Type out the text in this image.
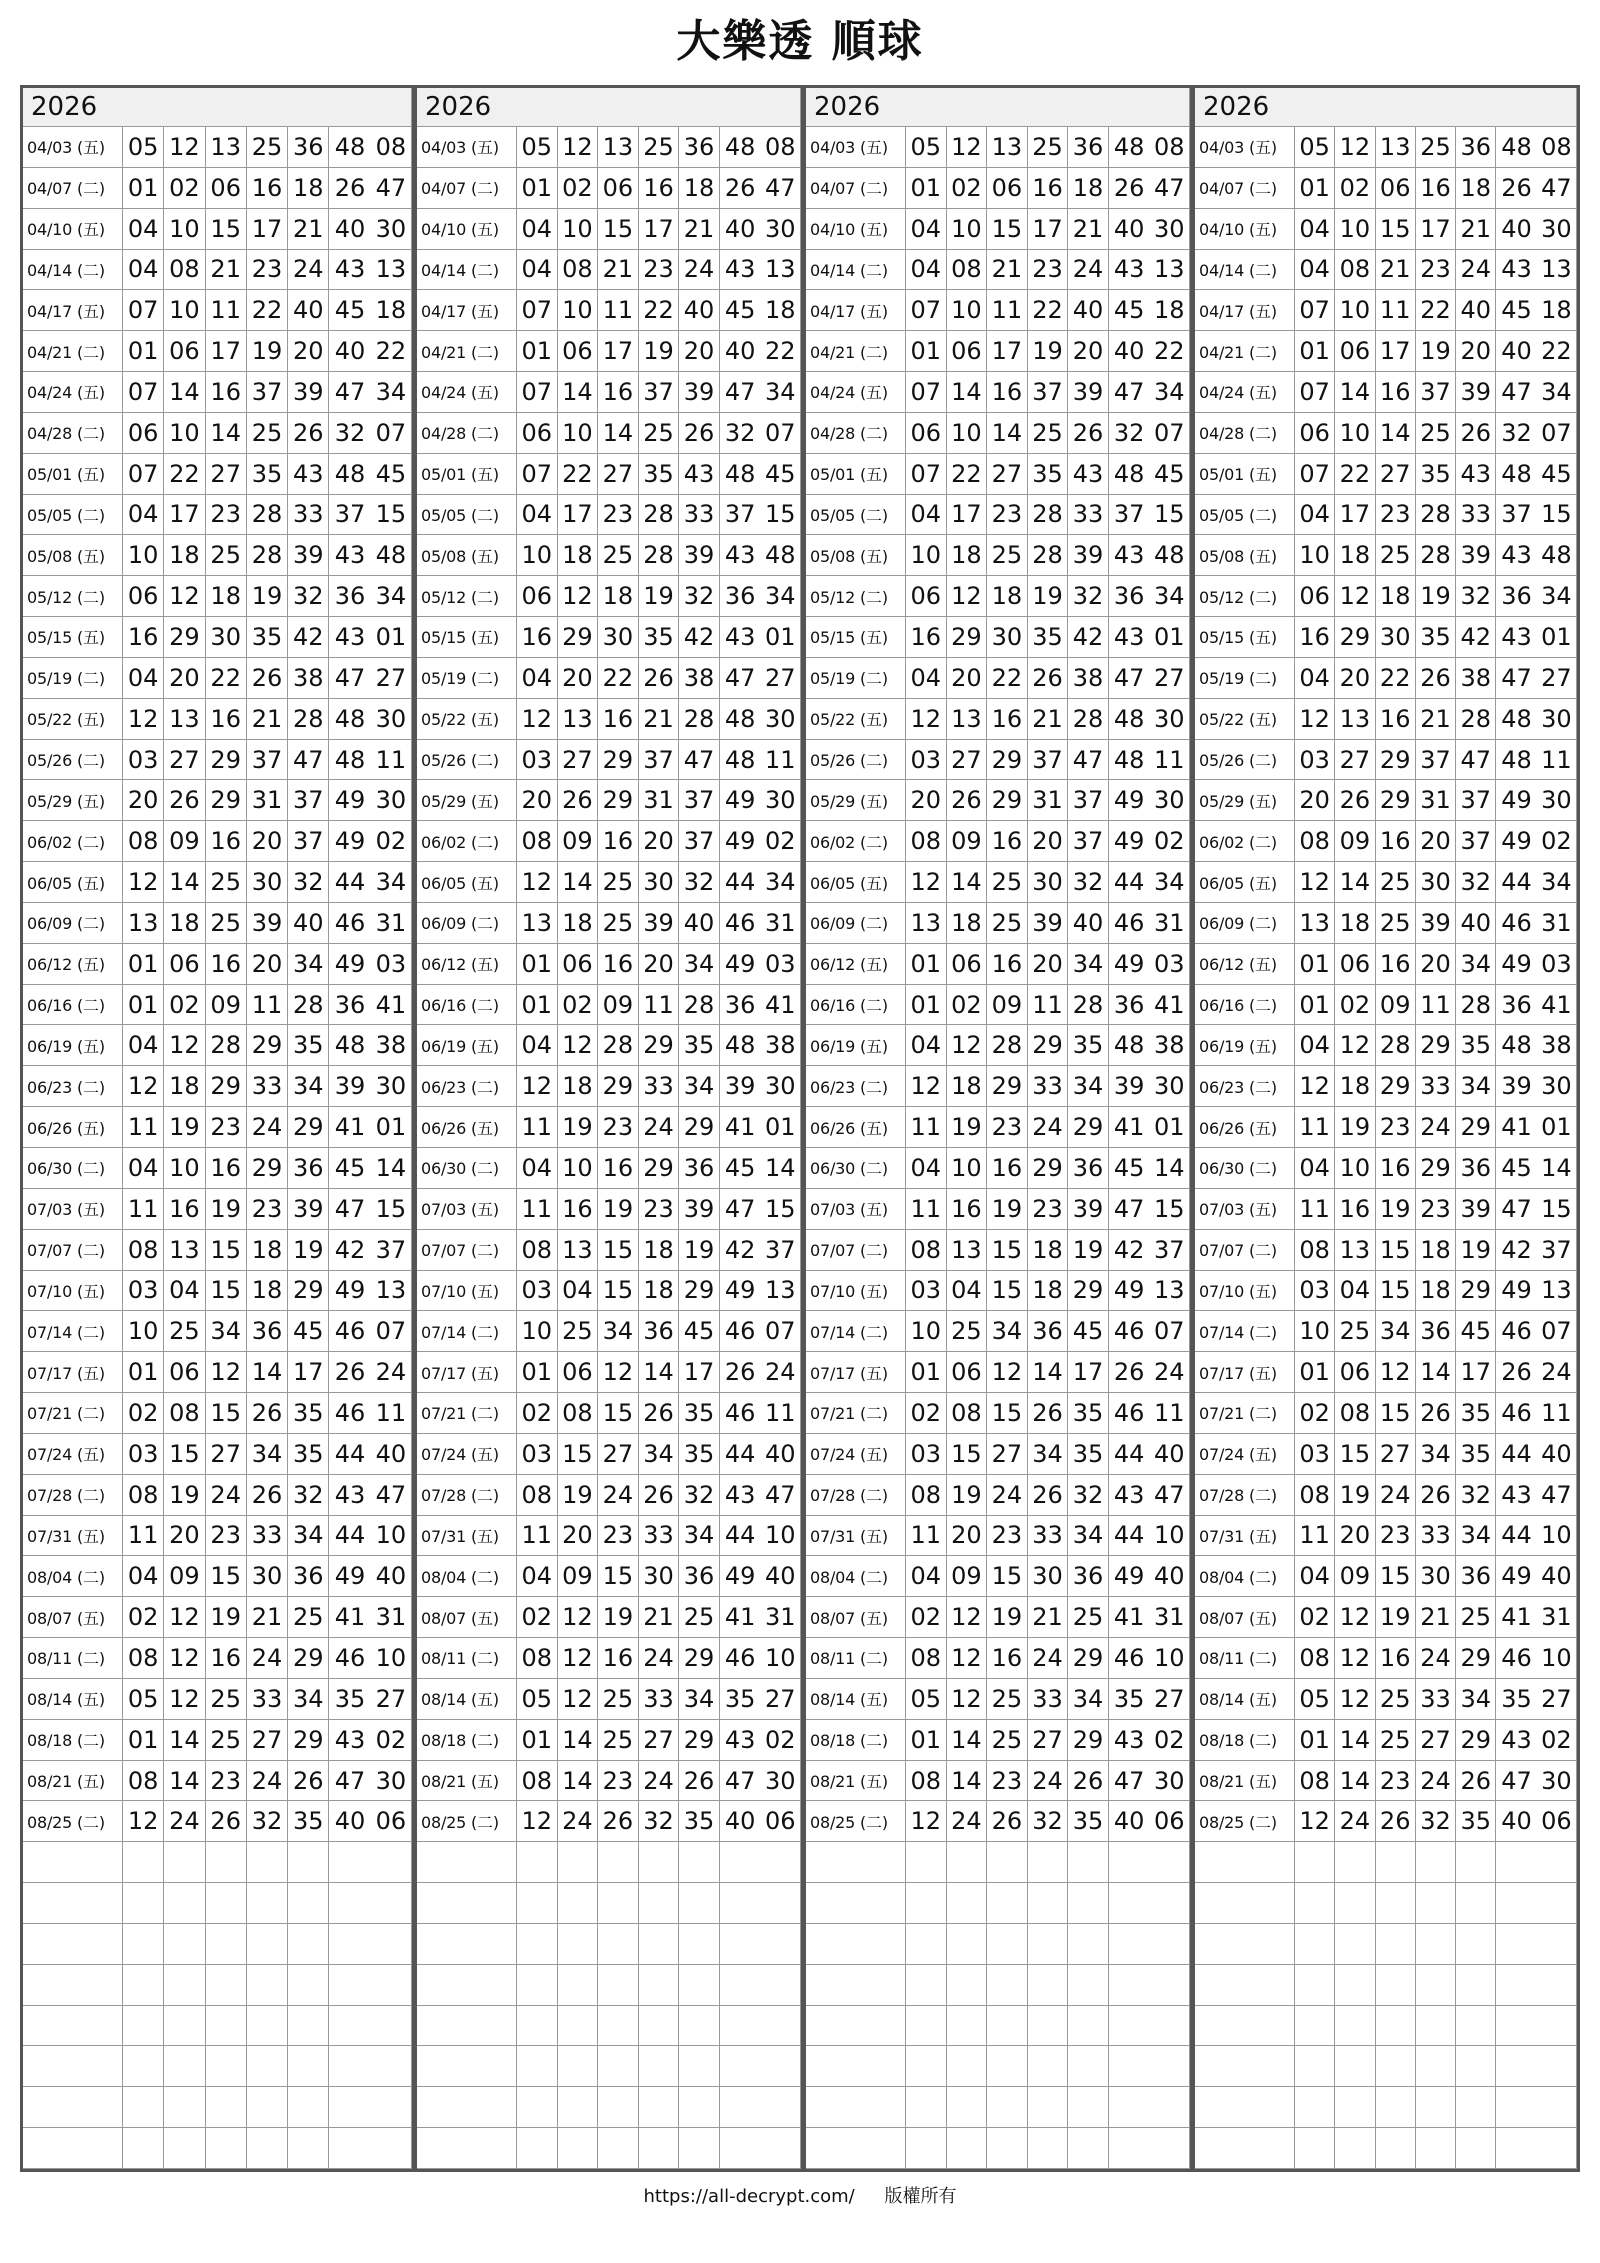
大樂透 順球
2026
04/03 (五) 05 12 13 25 36 48 08
04/07 (二) 01 02 06 16 18 26 47
04/10 (五) 04 10 15 17 21 40 30
04/14 (二) 04 08 21 23 24 43 13
04/17 (五) 07 10 11 22 40 45 18
04/21 (二) 01 06 17 19 20 40 22
04/24 (五) 07 14 16 37 39 47 34
04/28 (二) 06 10 14 25 26 32 07
05/01 (五) 07 22 27 35 43 48 45
05/05 (二) 04 17 23 28 33 37 15
05/08 (五) 10 18 25 28 39 43 48
05/12 (二) 06 12 18 19 32 36 34
05/15 (五) 16 29 30 35 42 43 01
05/19 (二) 04 20 22 26 38 47 27
05/22 (五) 12 13 16 21 28 48 30
05/26 (二) 03 27 29 37 47 48 11
05/29 (五) 20 26 29 31 37 49 30
06/02 (二) 08 09 16 20 37 49 02
06/05 (五) 12 14 25 30 32 44 34
06/09 (二) 13 18 25 39 40 46 31
06/12 (五) 01 06 16 20 34 49 03
06/16 (二) 01 02 09 11 28 36 41
06/19 (五) 04 12 28 29 35 48 38
06/23 (二) 12 18 29 33 34 39 30
06/26 (五) 11 19 23 24 29 41 01
06/30 (二) 04 10 16 29 36 45 14
07/03 (五) 11 16 19 23 39 47 15
07/07 (二) 08 13 15 18 19 42 37
07/10 (五) 03 04 15 18 29 49 13
07/14 (二) 10 25 34 36 45 46 07
07/17 (五) 01 06 12 14 17 26 24
07/21 (二) 02 08 15 26 35 46 11
07/24 (五) 03 15 27 34 35 44 40
07/28 (二) 08 19 24 26 32 43 47
07/31 (五) 11 20 23 33 34 44 10
08/04 (二) 04 09 15 30 36 49 40
08/07 (五) 02 12 19 21 25 41 31
08/11 (二) 08 12 16 24 29 46 10
08/14 (五) 05 12 25 33 34 35 27
08/18 (二) 01 14 25 27 29 43 02
08/21 (五) 08 14 23 24 26 47 30
08/25 (二) 12 24 26 32 35 40 06
2026
04/03 (五) 05 12 13 25 36 48 08
04/07 (二) 01 02 06 16 18 26 47
04/10 (五) 04 10 15 17 21 40 30
04/14 (二) 04 08 21 23 24 43 13
04/17 (五) 07 10 11 22 40 45 18
04/21 (二) 01 06 17 19 20 40 22
04/24 (五) 07 14 16 37 39 47 34
04/28 (二) 06 10 14 25 26 32 07
05/01 (五) 07 22 27 35 43 48 45
05/05 (二) 04 17 23 28 33 37 15
05/08 (五) 10 18 25 28 39 43 48
05/12 (二) 06 12 18 19 32 36 34
05/15 (五) 16 29 30 35 42 43 01
05/19 (二) 04 20 22 26 38 47 27
05/22 (五) 12 13 16 21 28 48 30
05/26 (二) 03 27 29 37 47 48 11
05/29 (五) 20 26 29 31 37 49 30
06/02 (二) 08 09 16 20 37 49 02
06/05 (五) 12 14 25 30 32 44 34
06/09 (二) 13 18 25 39 40 46 31
06/12 (五) 01 06 16 20 34 49 03
06/16 (二) 01 02 09 11 28 36 41
06/19 (五) 04 12 28 29 35 48 38
06/23 (二) 12 18 29 33 34 39 30
06/26 (五) 11 19 23 24 29 41 01
06/30 (二) 04 10 16 29 36 45 14
07/03 (五) 11 16 19 23 39 47 15
07/07 (二) 08 13 15 18 19 42 37
07/10 (五) 03 04 15 18 29 49 13
07/14 (二) 10 25 34 36 45 46 07
07/17 (五) 01 06 12 14 17 26 24
07/21 (二) 02 08 15 26 35 46 11
07/24 (五) 03 15 27 34 35 44 40
07/28 (二) 08 19 24 26 32 43 47
07/31 (五) 11 20 23 33 34 44 10
08/04 (二) 04 09 15 30 36 49 40
08/07 (五) 02 12 19 21 25 41 31
08/11 (二) 08 12 16 24 29 46 10
08/14 (五) 05 12 25 33 34 35 27
08/18 (二) 01 14 25 27 29 43 02
08/21 (五) 08 14 23 24 26 47 30
08/25 (二) 12 24 26 32 35 40 06
2026
04/03 (五) 05 12 13 25 36 48 08
04/07 (二) 01 02 06 16 18 26 47
04/10 (五) 04 10 15 17 21 40 30
04/14 (二) 04 08 21 23 24 43 13
04/17 (五) 07 10 11 22 40 45 18
04/21 (二) 01 06 17 19 20 40 22
04/24 (五) 07 14 16 37 39 47 34
04/28 (二) 06 10 14 25 26 32 07
05/01 (五) 07 22 27 35 43 48 45
05/05 (二) 04 17 23 28 33 37 15
05/08 (五) 10 18 25 28 39 43 48
05/12 (二) 06 12 18 19 32 36 34
05/15 (五) 16 29 30 35 42 43 01
05/19 (二) 04 20 22 26 38 47 27
05/22 (五) 12 13 16 21 28 48 30
05/26 (二) 03 27 29 37 47 48 11
05/29 (五) 20 26 29 31 37 49 30
06/02 (二) 08 09 16 20 37 49 02
06/05 (五) 12 14 25 30 32 44 34
06/09 (二) 13 18 25 39 40 46 31
06/12 (五) 01 06 16 20 34 49 03
06/16 (二) 01 02 09 11 28 36 41
06/19 (五) 04 12 28 29 35 48 38
06/23 (二) 12 18 29 33 34 39 30
06/26 (五) 11 19 23 24 29 41 01
06/30 (二) 04 10 16 29 36 45 14
07/03 (五) 11 16 19 23 39 47 15
07/07 (二) 08 13 15 18 19 42 37
07/10 (五) 03 04 15 18 29 49 13
07/14 (二) 10 25 34 36 45 46 07
07/17 (五) 01 06 12 14 17 26 24
07/21 (二) 02 08 15 26 35 46 11
07/24 (五) 03 15 27 34 35 44 40
07/28 (二) 08 19 24 26 32 43 47
07/31 (五) 11 20 23 33 34 44 10
08/04 (二) 04 09 15 30 36 49 40
08/07 (五) 02 12 19 21 25 41 31
08/11 (二) 08 12 16 24 29 46 10
08/14 (五) 05 12 25 33 34 35 27
08/18 (二) 01 14 25 27 29 43 02
08/21 (五) 08 14 23 24 26 47 30
08/25 (二) 12 24 26 32 35 40 06
2026
04/03 (五) 05 12 13 25 36 48 08
04/07 (二) 01 02 06 16 18 26 47
04/10 (五) 04 10 15 17 21 40 30
04/14 (二) 04 08 21 23 24 43 13
04/17 (五) 07 10 11 22 40 45 18
04/21 (二) 01 06 17 19 20 40 22
04/24 (五) 07 14 16 37 39 47 34
04/28 (二) 06 10 14 25 26 32 07
05/01 (五) 07 22 27 35 43 48 45
05/05 (二) 04 17 23 28 33 37 15
05/08 (五) 10 18 25 28 39 43 48
05/12 (二) 06 12 18 19 32 36 34
05/15 (五) 16 29 30 35 42 43 01
05/19 (二) 04 20 22 26 38 47 27
05/22 (五) 12 13 16 21 28 48 30
05/26 (二) 03 27 29 37 47 48 11
05/29 (五) 20 26 29 31 37 49 30
06/02 (二) 08 09 16 20 37 49 02
06/05 (五) 12 14 25 30 32 44 34
06/09 (二) 13 18 25 39 40 46 31
06/12 (五) 01 06 16 20 34 49 03
06/16 (二) 01 02 09 11 28 36 41
06/19 (五) 04 12 28 29 35 48 38
06/23 (二) 12 18 29 33 34 39 30
06/26 (五) 11 19 23 24 29 41 01
06/30 (二) 04 10 16 29 36 45 14
07/03 (五) 11 16 19 23 39 47 15
07/07 (二) 08 13 15 18 19 42 37
07/10 (五) 03 04 15 18 29 49 13
07/14 (二) 10 25 34 36 45 46 07
07/17 (五) 01 06 12 14 17 26 24
07/21 (二) 02 08 15 26 35 46 11
07/24 (五) 03 15 27 34 35 44 40
07/28 (二) 08 19 24 26 32 43 47
07/31 (五) 11 20 23 33 34 44 10
08/04 (二) 04 09 15 30 36 49 40
08/07 (五) 02 12 19 21 25 41 31
08/11 (二) 08 12 16 24 29 46 10
08/14 (五) 05 12 25 33 34 35 27
08/18 (二) 01 14 25 27 29 43 02
08/21 (五) 08 14 23 24 26 47 30
08/25 (二) 12 24 26 32 35 40 06
https://all-decrypt.com/ 版權所有
